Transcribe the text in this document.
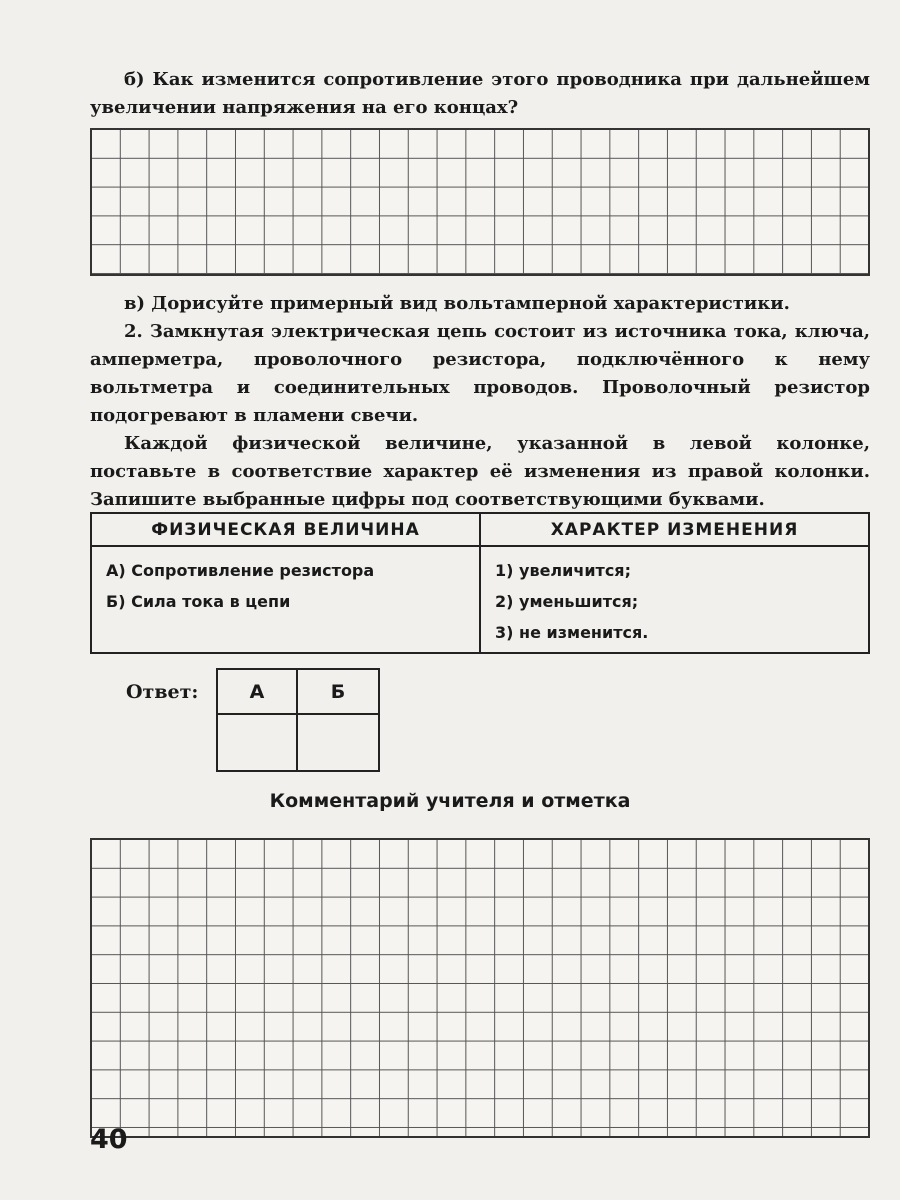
б) Как изменится сопротивление этого проводника при дальнейшем увеличении напряжения на его концах?

в) Дорисуйте примерный вид вольтамперной характеристики.

2. Замкнутая электрическая цепь состоит из источника тока, ключа, амперметра, проволочного резистора, подключённого к нему вольтметра и соединительных проводов. Проволочный резистор подогревают в пламени свечи.

Каждой физической величине, указанной в левой колонке, поставьте в соответствие характер её изменения из правой колонки. Запишите выбранные цифры под соответствующими буквами.

ФИЗИЧЕСКАЯ ВЕЛИЧИНА	ХАРАКТЕР ИЗМЕНЕНИЯ
А) Сопротивление резистора
Б) Сила тока в цепи
1) увеличится;
2) уменьшится;
3) не изменится.
Ответ:	А	Б
Комментарий учителя и отметка
40
